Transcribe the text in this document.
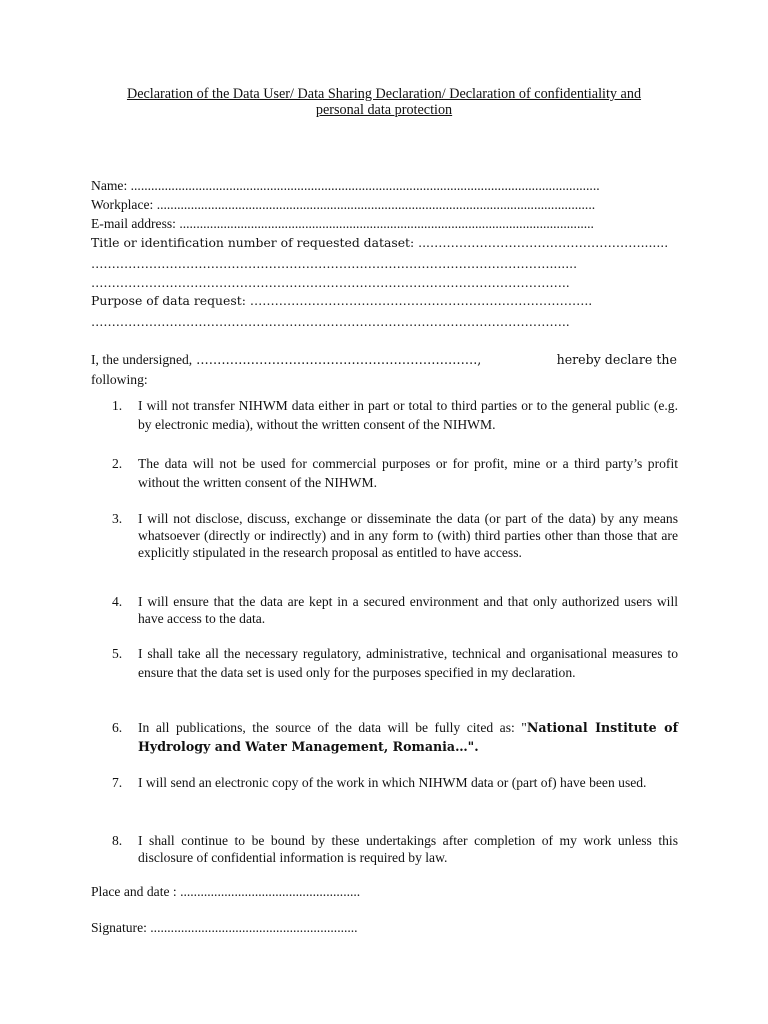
Declaration of the Data User/ Data Sharing Declaration/ Declaration of confidentiality and
personal data protection
Name: ..........................................................................................................................................
Workplace: .................................................................................................................................
E-mail address: ..........................................................................................................................
Title or identification number of requested dataset: ...…………………………………………….......
………………………………………………………………………………………………….......
……………………………………………………………………………………………………..
Purpose of data request: ………………………………………………………………………..
……………………………………………………………………………………………………..
I, the undersigned, ………………………………………………………….,	hereby declare the
following:
1. I will not transfer NIHWM data either in part or total to third parties or to the general public (e.g. by electronic media), without the written consent of the NIHWM.
2. The data will not be used for commercial purposes or for profit, mine or a third party’s profit without the written consent of the NIHWM.
3. I will not disclose, discuss, exchange or disseminate the data (or part of the data) by any means whatsoever (directly or indirectly) and in any form to (with) third parties other than those that are explicitly stipulated in the research proposal as entitled to have access.
4. I will ensure that the data are kept in a secured environment and that only authorized users will have access to the data.
5. I shall take all the necessary regulatory, administrative, technical and organisational measures to ensure that the data set is used only for the purposes specified in my declaration.
6. In all publications, the source of the data will be fully cited as: "National Institute of Hydrology and Water Management, Romania…".
7. I will send an electronic copy of the work in which NIHWM data or (part of) have been used.
8. I shall continue to be bound by these undertakings after completion of my work unless this disclosure of confidential information is required by law.
Place and date : .....................................................
Signature: .............................................................
